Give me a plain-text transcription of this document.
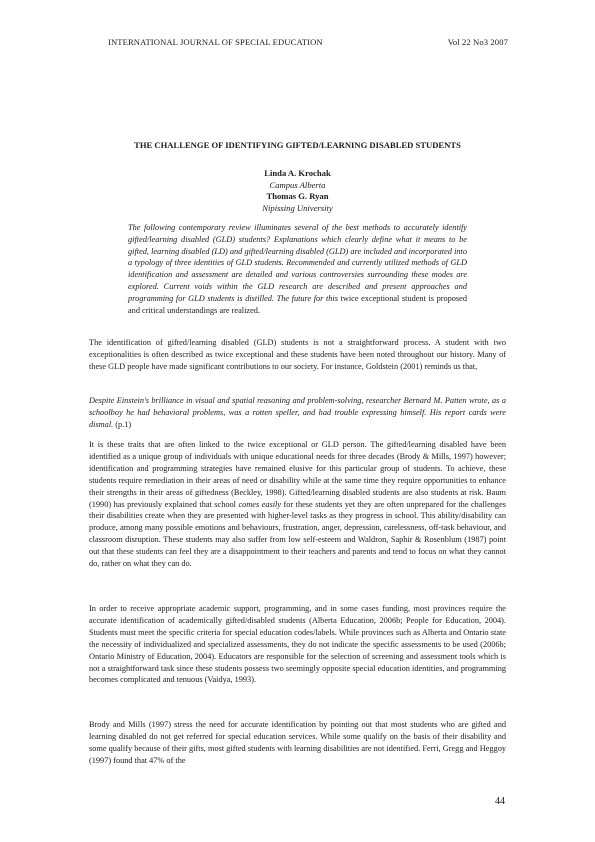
INTERNATIONAL JOURNAL OF SPECIAL EDUCATION	Vol 22 No3 2007
THE CHALLENGE OF IDENTIFYING GIFTED/LEARNING DISABLED STUDENTS
Linda A. Krochak
Campus Alberta
Thomas G. Ryan
Nipissing University

The following contemporary review illuminates several of the best methods to accurately identify gifted/learning disabled (GLD) students? Explanations which clearly define what it means to be gifted, learning disabled (LD) and gifted/learning disabled (GLD) are included and incorporated into a typology of three identities of GLD students. Recommended and currently utilized methods of GLD identification and assessment are detailed and various controversies surrounding these modes are explored. Current voids within the GLD research are described and present approaches and programming for GLD students is distilled. The future for this twice exceptional student is proposed and critical understandings are realized.

The identification of gifted/learning disabled (GLD) students is not a straightforward process. A student with two exceptionalities is often described as twice exceptional and these students have been noted throughout our history. Many of these GLD people have made significant contributions to our society. For instance, Goldstein (2001) reminds us that,

Despite Einstein's brilliance in visual and spatial reasoning and problem-solving, researcher Bernard M. Patten wrote, as a schoolboy he had behavioral problems, was a rotten speller, and had trouble expressing himself. His report cards were dismal. (p.1)

It is these traits that are often linked to the twice exceptional or GLD person. The gifted/learning disabled have been identified as a unique group of individuals with unique educational needs for three decades (Brody & Mills, 1997) however; identification and programming strategies have remained elusive for this particular group of students. To achieve, these students require remediation in their areas of need or disability while at the same time they require opportunities to enhance their strengths in their areas of giftedness (Beckley, 1998). Gifted/learning disabled students are also students at risk. Baum (1990) has previously explained that school comes easily for these students yet they are often unprepared for the challenges their disabilities create when they are presented with higher-level tasks as they progress in school. This ability/disability can produce, among many possible emotions and behaviours, frustration, anger, depression, carelessness, off-task behaviour, and classroom disruption. These students may also suffer from low self-esteem and Waldron, Saphir & Rosenblum (1987) point out that these students can feel they are a disappointment to their teachers and parents and tend to focus on what they cannot do, rather on what they can do.

In order to receive appropriate academic support, programming, and in some cases funding, most provinces require the accurate identification of academically gifted/disabled students (Alberta Education, 2006b; People for Education, 2004). Students must meet the specific criteria for special education codes/labels. While provinces such as Alberta and Ontario state the necessity of individualized and specialized assessments, they do not indicate the specific assessments to be used (2006b; Ontario Ministry of Education, 2004). Educators are responsible for the selection of screening and assessment tools which is not a straightforward task since these students possess two seemingly opposite special education identities, and programming becomes complicated and tenuous (Vaidya, 1993).

Brody and Mills (1997) stress the need for accurate identification by pointing out that most students who are gifted and learning disabled do not get referred for special education services. While some qualify on the basis of their disability and some qualify because of their gifts, most gifted students with learning disabilities are not identified. Ferri, Gregg and Heggoy (1997) found that 47% of the

44
